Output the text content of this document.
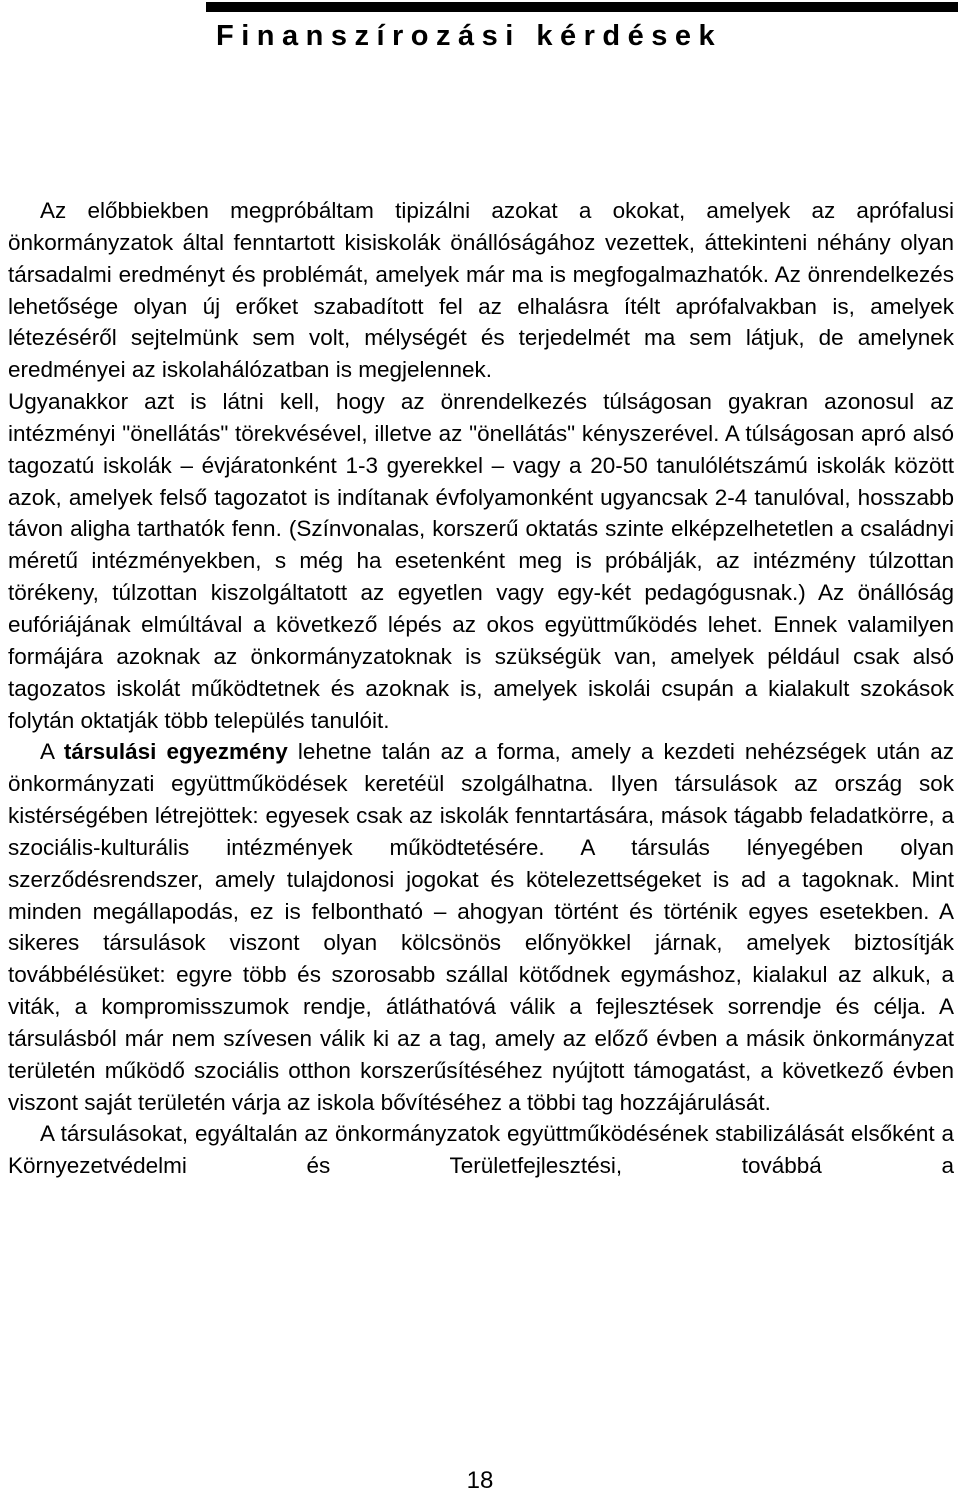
Finanszírozási kérdések

Az előbbiekben megpróbáltam tipizálni azokat a okokat, amelyek az aprófalusi önkormányzatok által fenntartott kisiskolák önállóságához vezettek, áttekinteni néhány olyan társadalmi eredményt és problémát, amelyek már ma is megfogalmazhatók. Az önrendelkezés lehetősége olyan új erőket szabadított fel az elhalásra ítélt aprófalvakban is, amelyek létezéséről sejtelmünk sem volt, mélységét és terjedelmét ma sem látjuk, de amelynek eredményei az iskolahálózatban is megjelennek.

Ugyanakkor azt is látni kell, hogy az önrendelkezés túlságosan gyakran azonosul az intézményi "önellátás" törekvésével, illetve az "önellátás" kényszerével. A túlságosan apró alsó tagozatú iskolák – évjáratonként 1-3 gyerekkel – vagy a 20-50 tanulólétszámú iskolák között azok, amelyek felső tagozatot is indítanak évfolyamonként ugyancsak 2-4 tanulóval, hosszabb távon aligha tarthatók fenn. (Színvonalas, korszerű oktatás szinte elképzelhetetlen a családnyi méretű intézményekben, s még ha esetenként meg is próbálják, az intézmény túlzottan törékeny, túlzottan kiszolgáltatott az egyetlen vagy egy-két pedagógusnak.) Az önállóság eufóriájának elmúltával a következő lépés az okos együttműködés lehet. Ennek valamilyen formájára azoknak az önkormányzatoknak is szükségük van, amelyek például csak alsó tagozatos iskolát működtetnek és azoknak is, amelyek iskolái csupán a kialakult szokások folytán oktatják több település tanulóit.

A társulási egyezmény lehetne talán az a forma, amely a kezdeti nehézségek után az önkormányzati együttműködések keretéül szolgálhatna. Ilyen társulások az ország sok kistérségében létrejöttek: egyesek csak az iskolák fenntartására, mások tágabb feladatkörre, a szociális-kulturális intézmények működtetésére. A társulás lényegében olyan szerződésrendszer, amely tulajdonosi jogokat és kötelezettségeket is ad a tagoknak. Mint minden megállapodás, ez is felbontható – ahogyan történt és történik egyes esetekben. A sikeres társulások viszont olyan kölcsönös előnyökkel járnak, amelyek biztosítják továbbélésüket: egyre több és szorosabb szállal kötődnek egymáshoz, kialakul az alkuk, a viták, a kompromisszumok rendje, átláthatóvá válik a fejlesztések sorrendje és célja. A társulásból már nem szívesen válik ki az a tag, amely az előző évben a másik önkormányzat területén működő szociális otthon korszerűsítéséhez nyújtott támogatást, a következő évben viszont saját területén várja az iskola bővítéséhez a többi tag hozzájárulását.

A társulásokat, egyáltalán az önkormányzatok együttműködésének stabilizálását elsőként a Környezetvédelmi és Területfejlesztési, továbbá a

18
